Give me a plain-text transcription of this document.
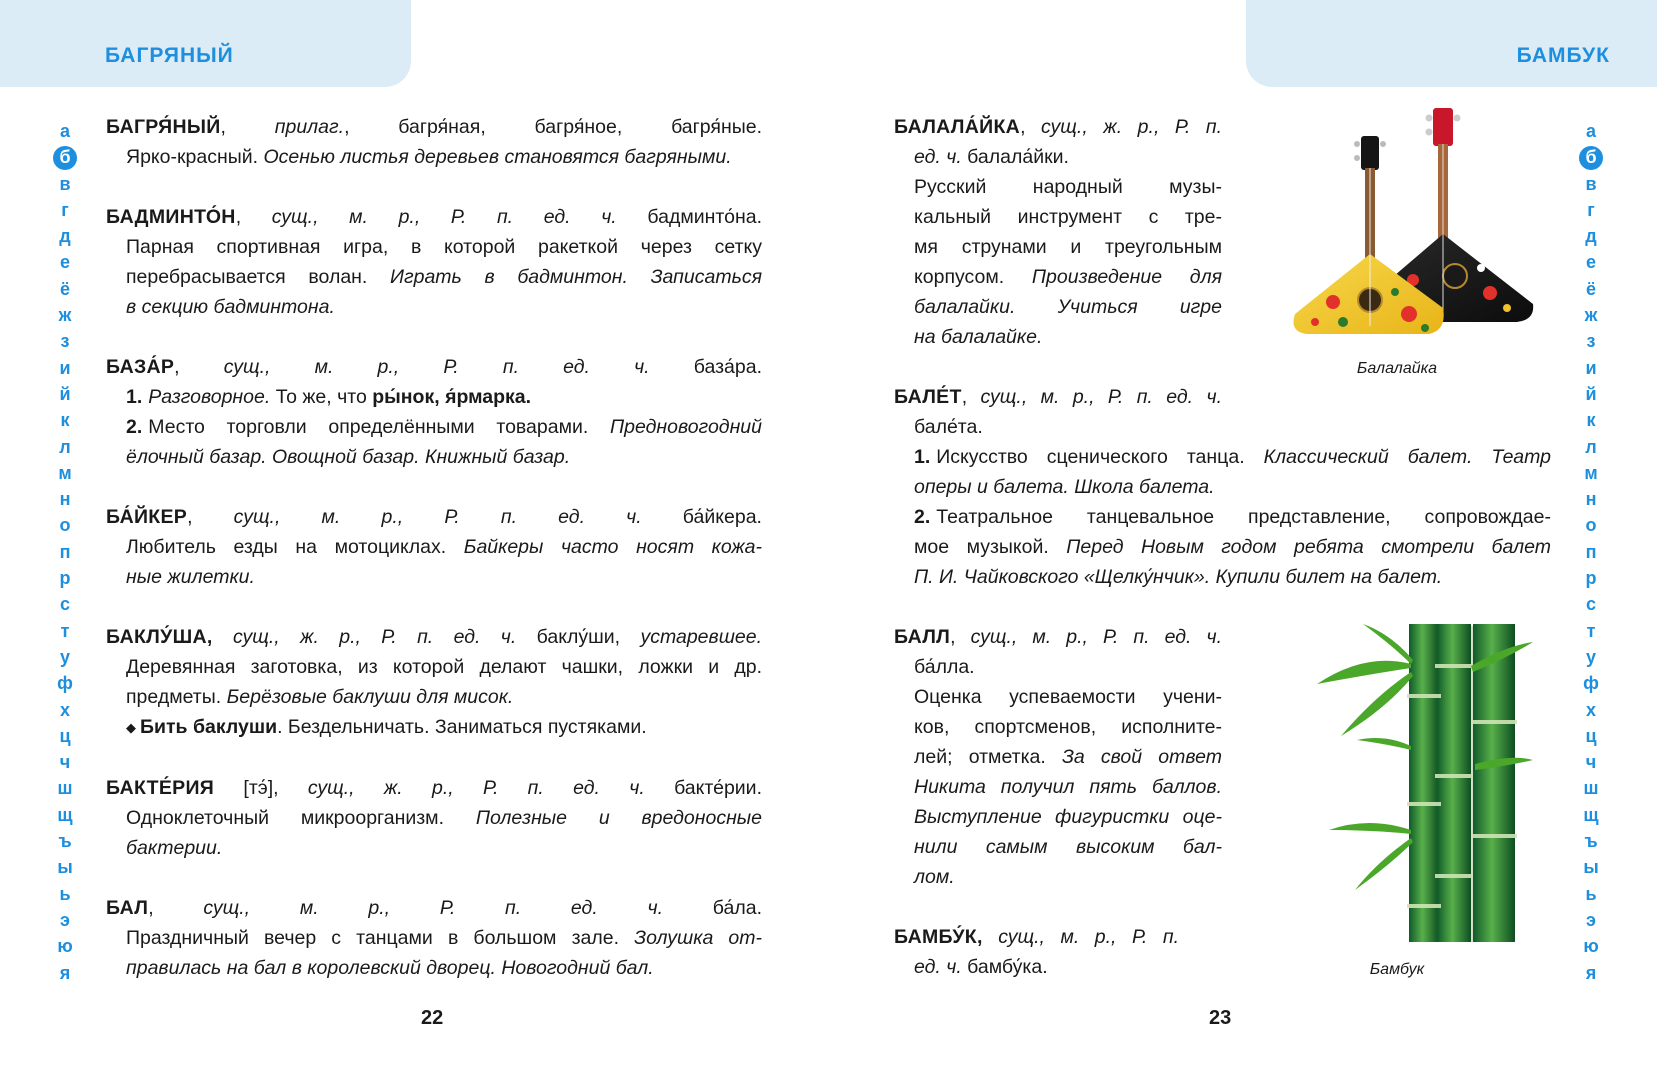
БАГРЯНЫЙ	БАМБУК
а
б
в
г
д
е
ё
ж
з
и
й
к
л
м
н
о
п
р
с
т
у
ф
х
ц
ч
ш
щ
ъ
ы
ь
э
ю
я
а
б
в
г
д
е
ё
ж
з
и
й
к
л
м
н
о
п
р
с
т
у
ф
х
ц
ч
ш
щ
ъ
ы
ь
э
ю
я
БАГРЯ́НЫЙ, прилаг., багря́ная, багря́ное, багря́ные.
Ярко-красный. Осенью листья деревьев становятся багряными.
БАДМИНТО́Н, сущ., м. р., Р. п. ед. ч. бадминто́на.
Парная спортивная игра, в которой ракеткой через сетку
перебрасывается волан. Играть в бадминтон. Записаться
в секцию бадминтона.
БАЗА́Р, сущ., м. р., Р. п. ед. ч. база́ра.
1. Разговорное. То же, что ры́нок, я́рмарка.
2. Место торговли определёнными товарами. Предновогодний
ёлочный базар. Овощной базар. Книжный базар.
БА́ЙКЕР, сущ., м. р., Р. п. ед. ч. ба́йкера.
Любитель езды на мотоциклах. Байкеры часто носят кожа-
ные жилетки.
БАКЛУ́ША, сущ., ж. р., Р. п. ед. ч. баклу́ши, устаревшее.
Деревянная заготовка, из которой делают чашки, ложки и др.
предметы. Берёзовые баклуши для мисок.
◆ Бить баклуши. Бездельничать. Заниматься пустяками.
БАКТЕ́РИЯ [тэ́], сущ., ж. р., Р. п. ед. ч. бакте́рии.
Одноклеточный микроорганизм. Полезные и вредоносные
бактерии.
БАЛ, сущ., м. р., Р. п. ед. ч. ба́ла.
Праздничный вечер с танцами в большом зале. Золушка от-
правилась на бал в королевский дворец. Новогодний бал.
БАЛАЛА́ЙКА, сущ., ж. р., Р. п.
ед. ч. балала́йки.
Русский народный музы-
кальный инструмент с тре-
мя струнами и треугольным
корпусом. Произведение для
балалайки. Учиться игре
на балалайке.
БАЛЕ́Т, сущ., м. р., Р. п. ед. ч.
бале́та.
1. Искусство сценического танца. Классический балет. Театр
оперы и балета. Школа балета.
2. Театральное танцевальное представление, сопровождае-
мое музыкой. Перед Новым годом ребята смотрели балет
П. И. Чайковского «Щелку́нчик». Купили билет на балет.
БАЛЛ, сущ., м. р., Р. п. ед. ч.
ба́лла.
Оценка успеваемости учени-
ков, спортсменов, исполните-
лей; отметка. За свой ответ
Никита получил пять баллов.
Выступление фигуристки оце-
нили самым высоким бал-
лом.
БАМБУ́К, сущ., м. р., Р. п.
ед. ч. бамбу́ка.
Балалайка
Бамбук
22	23
